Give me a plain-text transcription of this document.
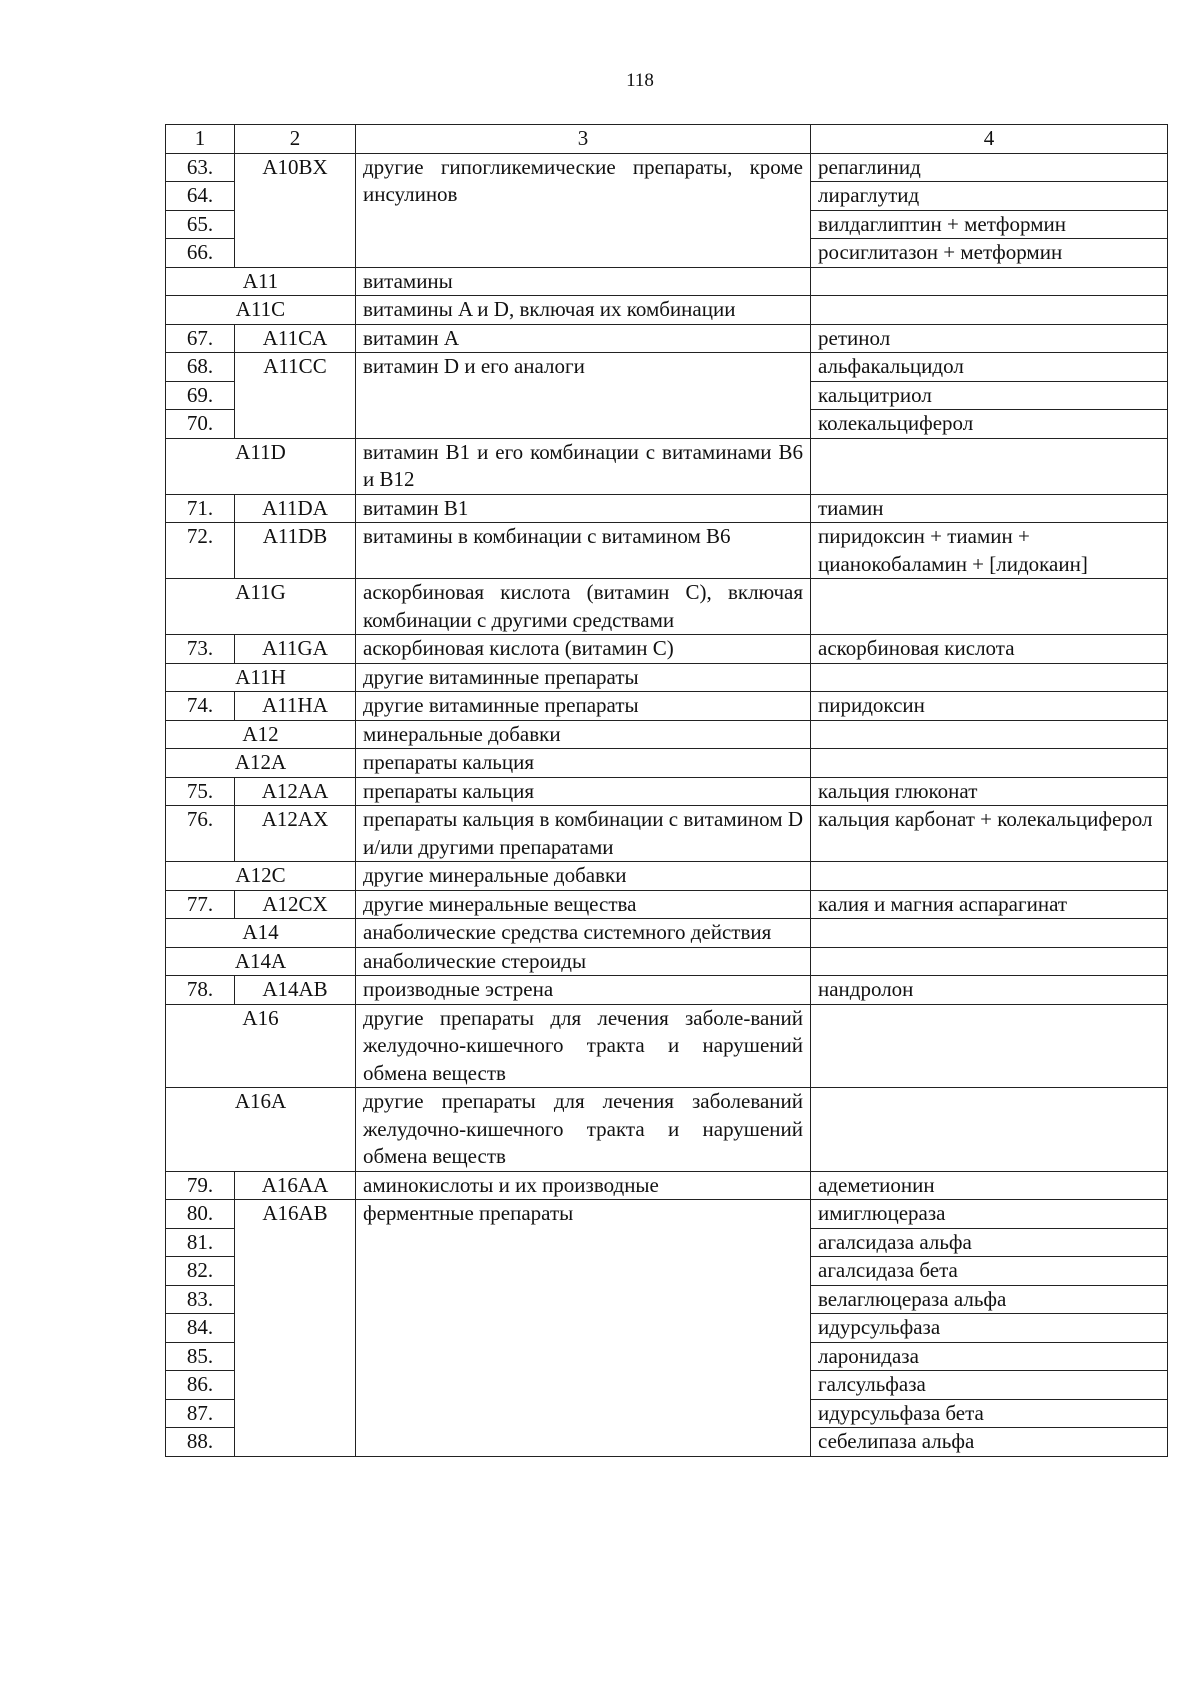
118
1	2	3	4
63.	A10BX	другие гипогликемические препараты, кроме инсулинов	репаглинид
64.			лираглутид
65.			вилдаглиптин + метформин
66.			росиглитазон + метформин
A11		витамины	
A11C		витамины A и D, включая их комбинации	
67.	A11CA	витамин A	ретинол
68.	A11CC	витамин D и его аналоги	альфакальцидол
69.			кальцитриол
70.			колекальциферол
A11D		витамин B1 и его комбинации с витаминами B6 и B12	
71.	A11DA	витамин B1	тиамин
72.	A11DB	витамины в комбинации с витамином B6	пиридоксин + тиамин + цианокобаламин + [лидокаин]
A11G		аскорбиновая кислота (витамин C), включая комбинации с другими средствами	
73.	A11GA	аскорбиновая кислота (витамин C)	аскорбиновая кислота
A11H		другие витаминные препараты	
74.	A11HA	другие витаминные препараты	пиридоксин
A12		минеральные добавки	
A12A		препараты кальция	
75.	A12AA	препараты кальция	кальция глюконат
76.	A12AX	препараты кальция в комбинации с витамином D и/или другими препаратами	кальция карбонат + колекальциферол
A12C		другие минеральные добавки	
77.	A12CX	другие минеральные вещества	калия и магния аспарагинат
A14		анаболические средства системного действия	
A14A		анаболические стероиды	
78.	A14AB	производные эстрена	нандролон
A16		другие препараты для лечения заболе-ваний желудочно-кишечного тракта и нарушений обмена веществ	
A16A		другие препараты для лечения заболеваний желудочно-кишечного тракта и нарушений обмена веществ	
79.	A16AA	аминокислоты и их производные	адеметионин
80.	A16AB	ферментные препараты	имиглюцераза
81.			агалсидаза альфа
82.			агалсидаза бета
83.			велаглюцераза альфа
84.			идурсульфаза
85.			ларонидаза
86.			галсульфаза
87.			идурсульфаза бета
88.			себелипаза альфа
